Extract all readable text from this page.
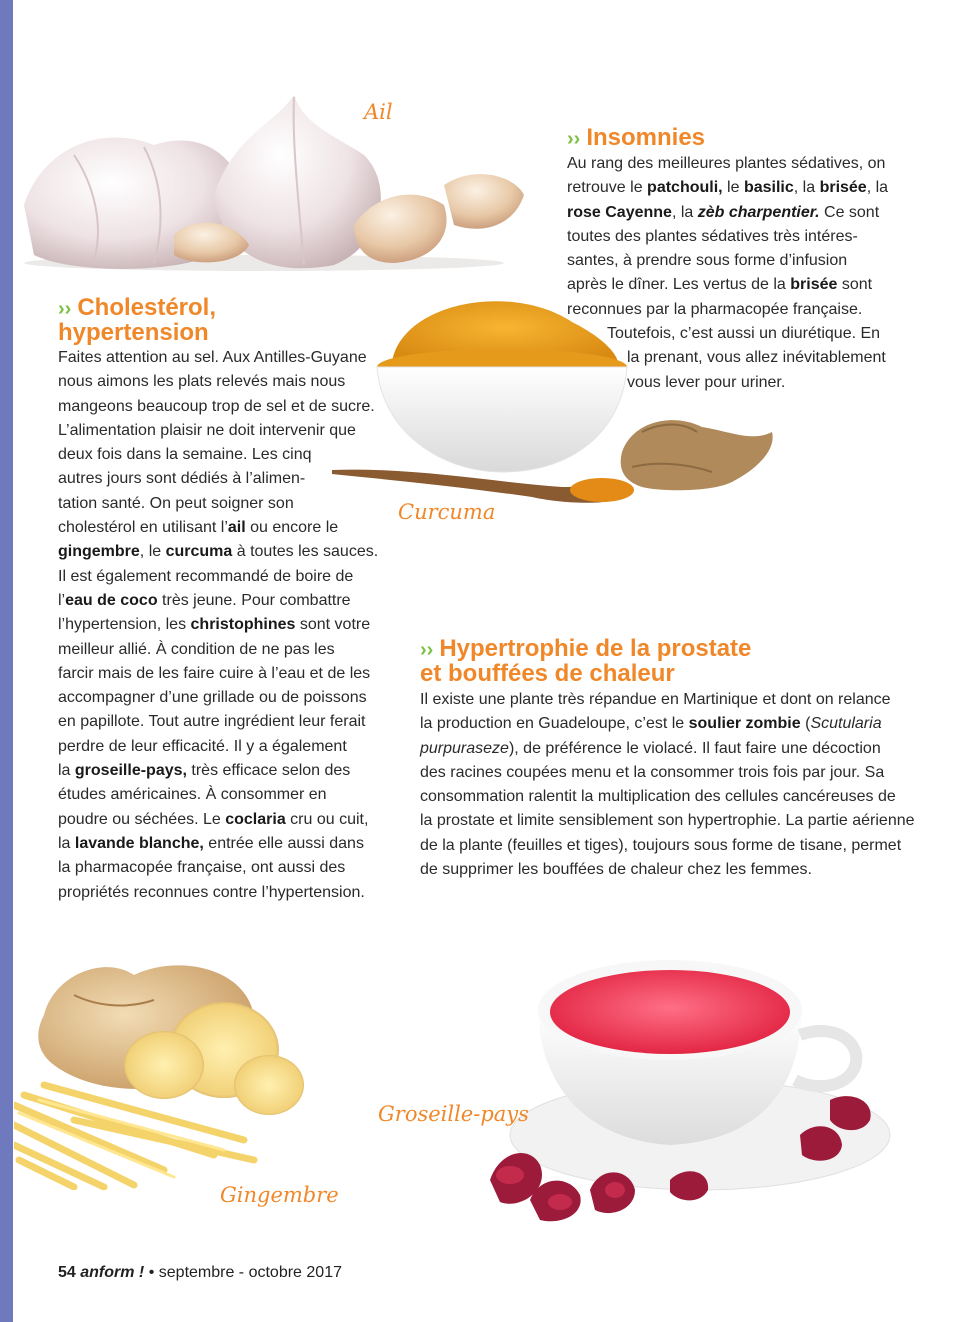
Ail
›› Insomnies
Au rang des meilleures plantes sédatives, on
retrouve le patchouli, le basilic, la brisée, la
rose Cayenne, la zèb charpentier. Ce sont
toutes des plantes sédatives très intéres-
santes, à prendre sous forme d’infusion
après le dîner. Les vertus de la brisée sont
reconnues par la pharmacopée française.
Toutefois, c’est aussi un diurétique. En
la prenant, vous allez inévitablement
vous lever pour uriner.
Curcuma
›› Cholestérol,
hypertension
Faites attention au sel. Aux Antilles-Guyane
nous aimons les plats relevés mais nous
mangeons beaucoup trop de sel et de sucre.
L’alimentation plaisir ne doit intervenir que
deux fois dans la semaine. Les cinq
autres jours sont dédiés à l’alimen-
tation santé. On peut soigner son
cholestérol en utilisant l’ail ou encore le
gingembre, le curcuma à toutes les sauces.
Il est également recommandé de boire de
l’eau de coco très jeune. Pour combattre
l’hypertension, les christophines sont votre
meilleur allié. À condition de ne pas les
farcir mais de les faire cuire à l’eau et de les
accompagner d’une grillade ou de poissons
en papillote. Tout autre ingrédient leur ferait
perdre de leur efficacité. Il y a également
la groseille-pays, très efficace selon des
études américaines. À consommer en
poudre ou séchées. Le coclaria cru ou cuit,
la lavande blanche, entrée elle aussi dans
la pharmacopée française, ont aussi des
propriétés reconnues contre l’hypertension.
›› Hypertrophie de la prostate
et bouffées de chaleur
Il existe une plante très répandue en Martinique et dont on relance
la production en Guadeloupe, c’est le soulier zombie (Scutularia
purpuraseze), de préférence le violacé. Il faut faire une décoction
des racines coupées menu et la consommer trois fois par jour. Sa
consommation ralentit la multiplication des cellules cancéreuses de
la prostate et limite sensiblement son hypertrophie. La partie aérienne
de la plante (feuilles et tiges), toujours sous forme de tisane, permet
de supprimer les bouffées de chaleur chez les femmes.
Gingembre
Groseille-pays
54 anform ! • septembre - octobre 2017
